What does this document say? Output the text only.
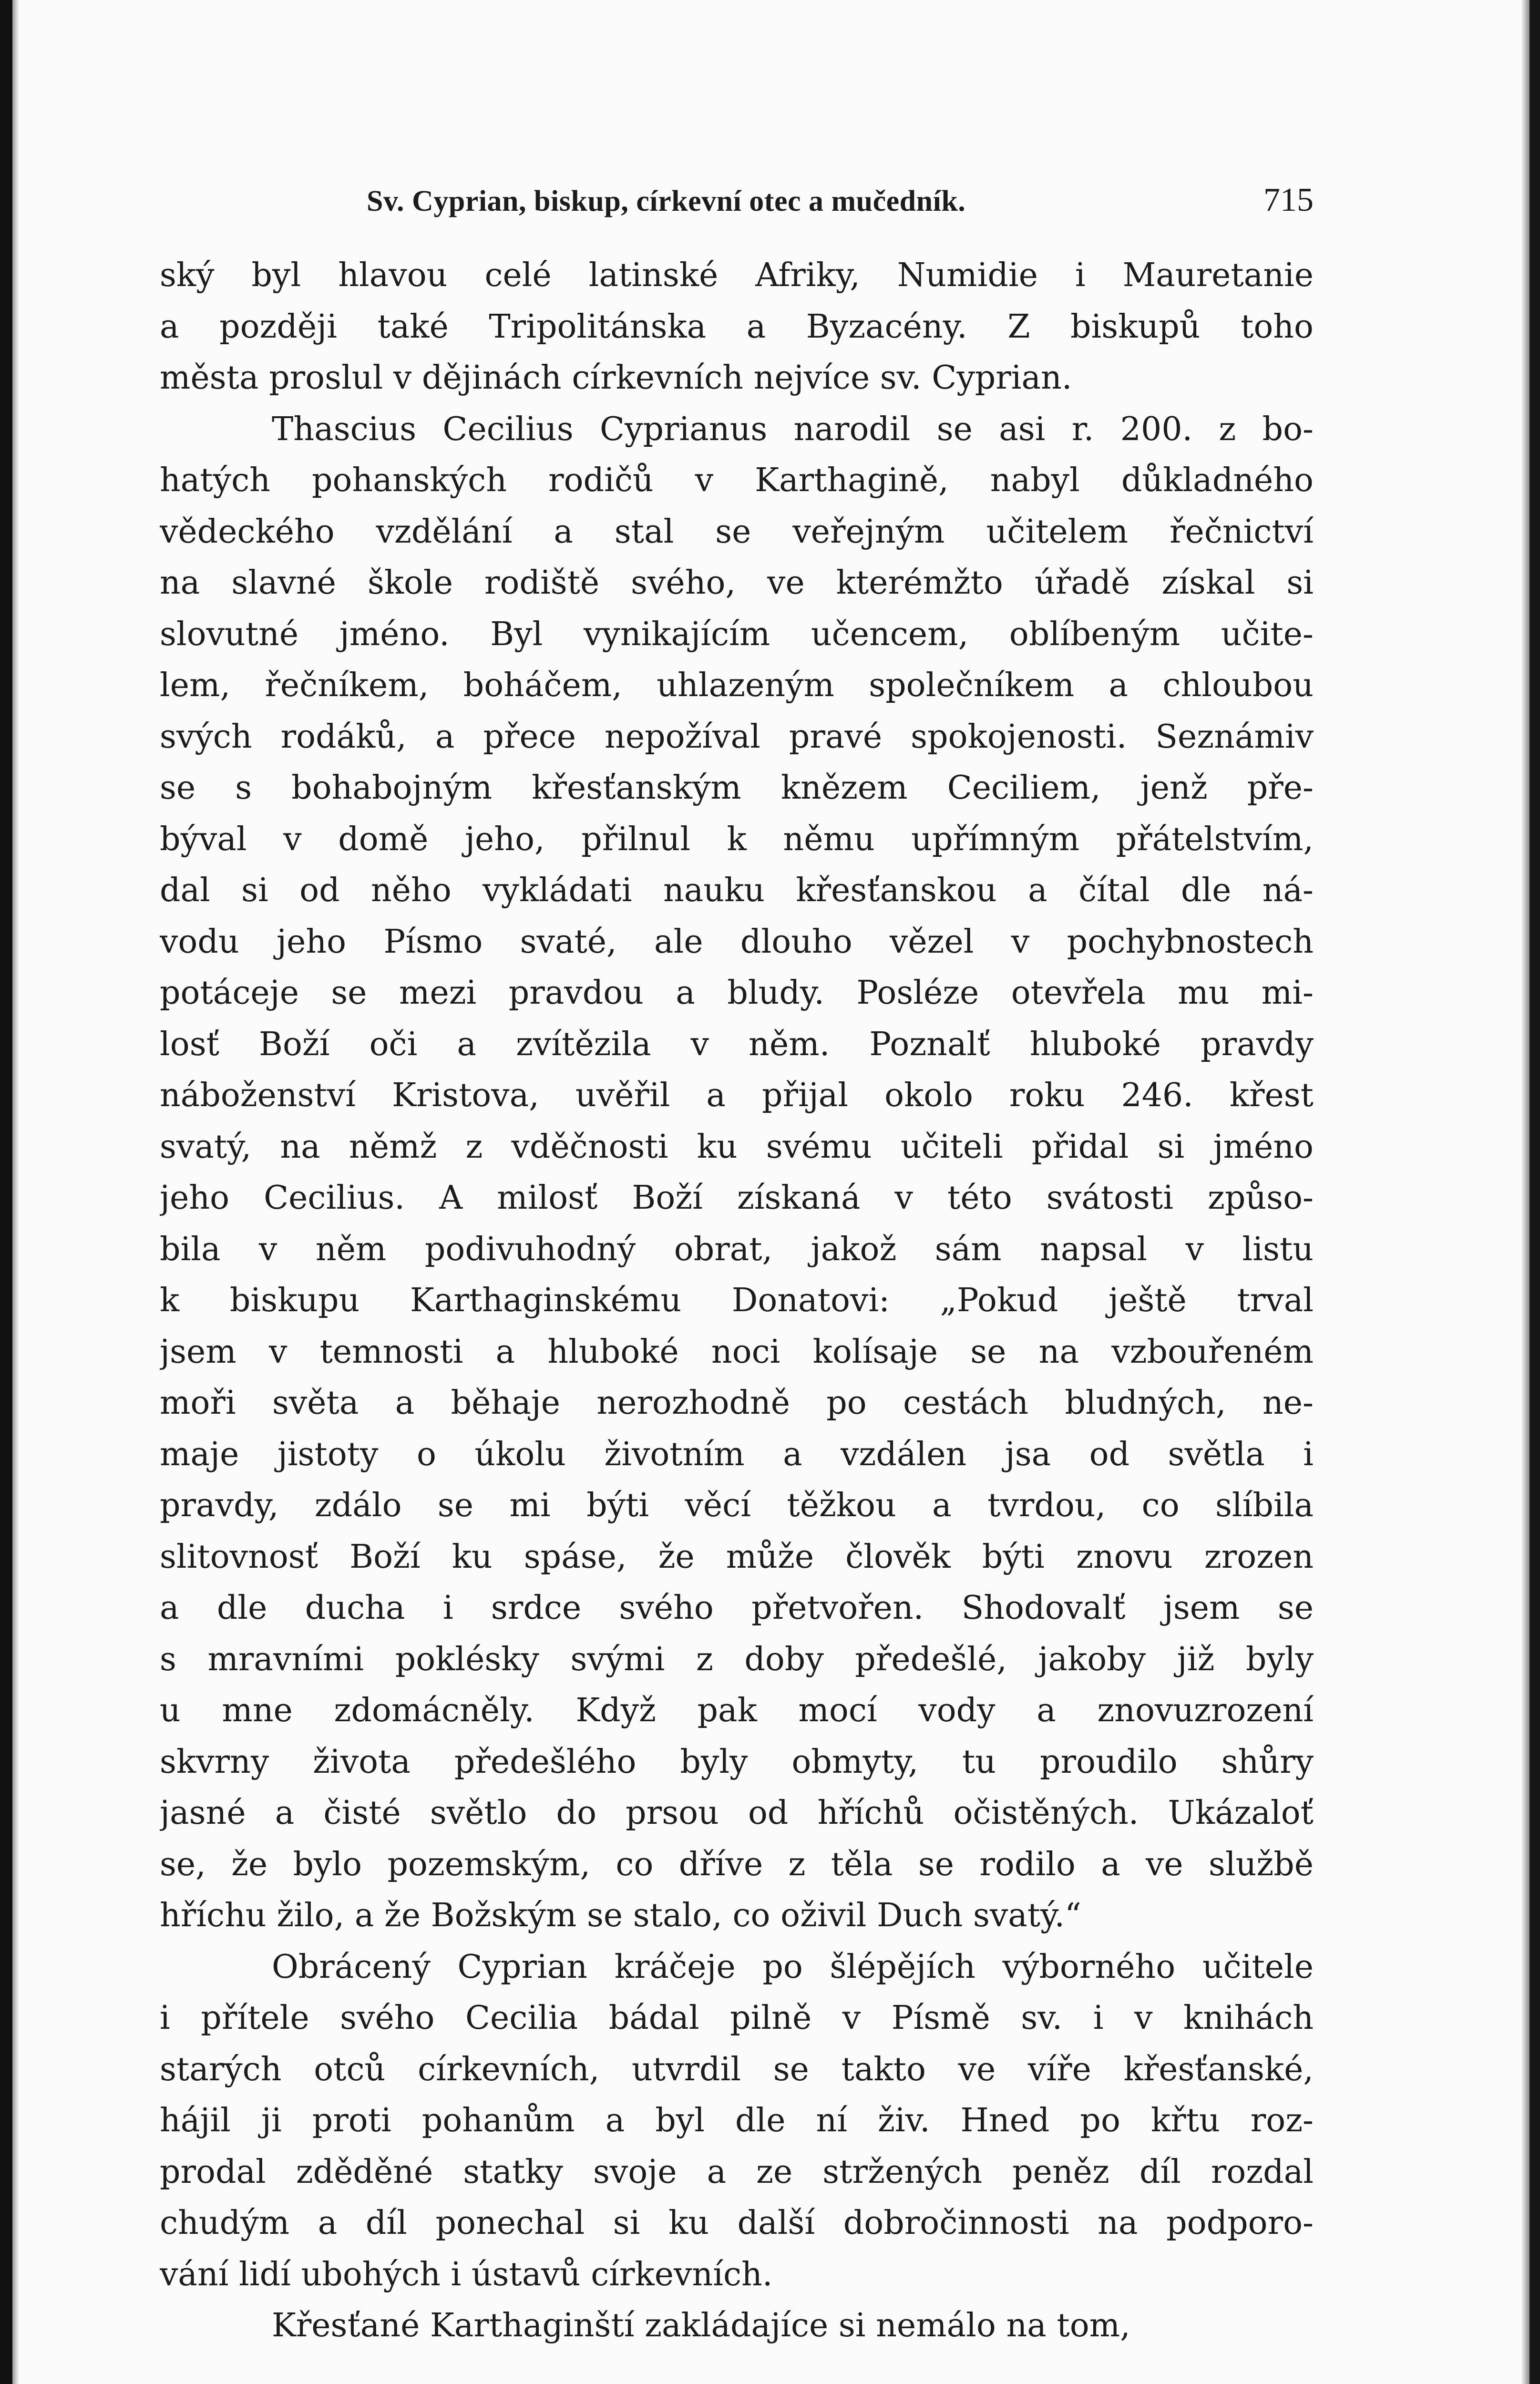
Sv. Cyprian, biskup, církevní otec a mučedník.	715
ský byl hlavou celé latinské Afriky, Numidie i Mauretanie
a později také Tripolitánska a Byzacény. Z biskupů toho
města proslul v dějinách církevních nejvíce sv. Cyprian.
Thascius Cecilius Cyprianus narodil se asi r. 200. z bo-
hatých pohanských rodičů v Karthagině, nabyl důkladného
vědeckého vzdělání a stal se veřejným učitelem řečnictví
na slavné škole rodiště svého, ve kterémžto úřadě získal si
slovutné jméno. Byl vynikajícím učencem, oblíbeným učite-
lem, řečníkem, boháčem, uhlazeným společníkem a chloubou
svých rodáků, a přece nepožíval pravé spokojenosti. Seznámiv
se s bohabojným křesťanským knězem Ceciliem, jenž pře-
býval v domě jeho, přilnul k němu upřímným přátelstvím,
dal si od něho vykládati nauku křesťanskou a čítal dle ná-
vodu jeho Písmo svaté, ale dlouho vězel v pochybnostech
potáceje se mezi pravdou a bludy. Posléze otevřela mu mi-
losť Boží oči a zvítězila v něm. Poznalť hluboké pravdy
náboženství Kristova, uvěřil a přijal okolo roku 246. křest
svatý, na němž z vděčnosti ku svému učiteli přidal si jméno
jeho Cecilius. A milosť Boží získaná v této svátosti způso-
bila v něm podivuhodný obrat, jakož sám napsal v listu
k biskupu Karthaginskému Donatovi: „Pokud ještě trval
jsem v temnosti a hluboké noci kolísaje se na vzbouřeném
moři světa a běhaje nerozhodně po cestách bludných, ne-
maje jistoty o úkolu životním a vzdálen jsa od světla i
pravdy, zdálo se mi býti věcí těžkou a tvrdou, co slíbila
slitovnosť Boží ku spáse, že může člověk býti znovu zrozen
a dle ducha i srdce svého přetvořen. Shodovalť jsem se
s mravními poklésky svými z doby předešlé, jakoby již byly
u mne zdomácněly. Když pak mocí vody a znovuzrození
skvrny života předešlého byly obmyty, tu proudilo shůry
jasné a čisté světlo do prsou od hříchů očistěných. Ukázaloť
se, že bylo pozemským, co dříve z těla se rodilo a ve službě
hříchu žilo, a že Božským se stalo, co oživil Duch svatý.“
Obrácený Cyprian kráčeje po šlépějích výborného učitele
i přítele svého Cecilia bádal pilně v Písmě sv. i v knihách
starých otců církevních, utvrdil se takto ve víře křesťanské,
hájil ji proti pohanům a byl dle ní živ. Hned po křtu roz-
prodal zděděné statky svoje a ze stržených peněz díl rozdal
chudým a díl ponechal si ku další dobročinnosti na podporo-
vání lidí ubohých i ústavů církevních.
Křesťané Karthaginští zakládajíce si nemálo na tom,
